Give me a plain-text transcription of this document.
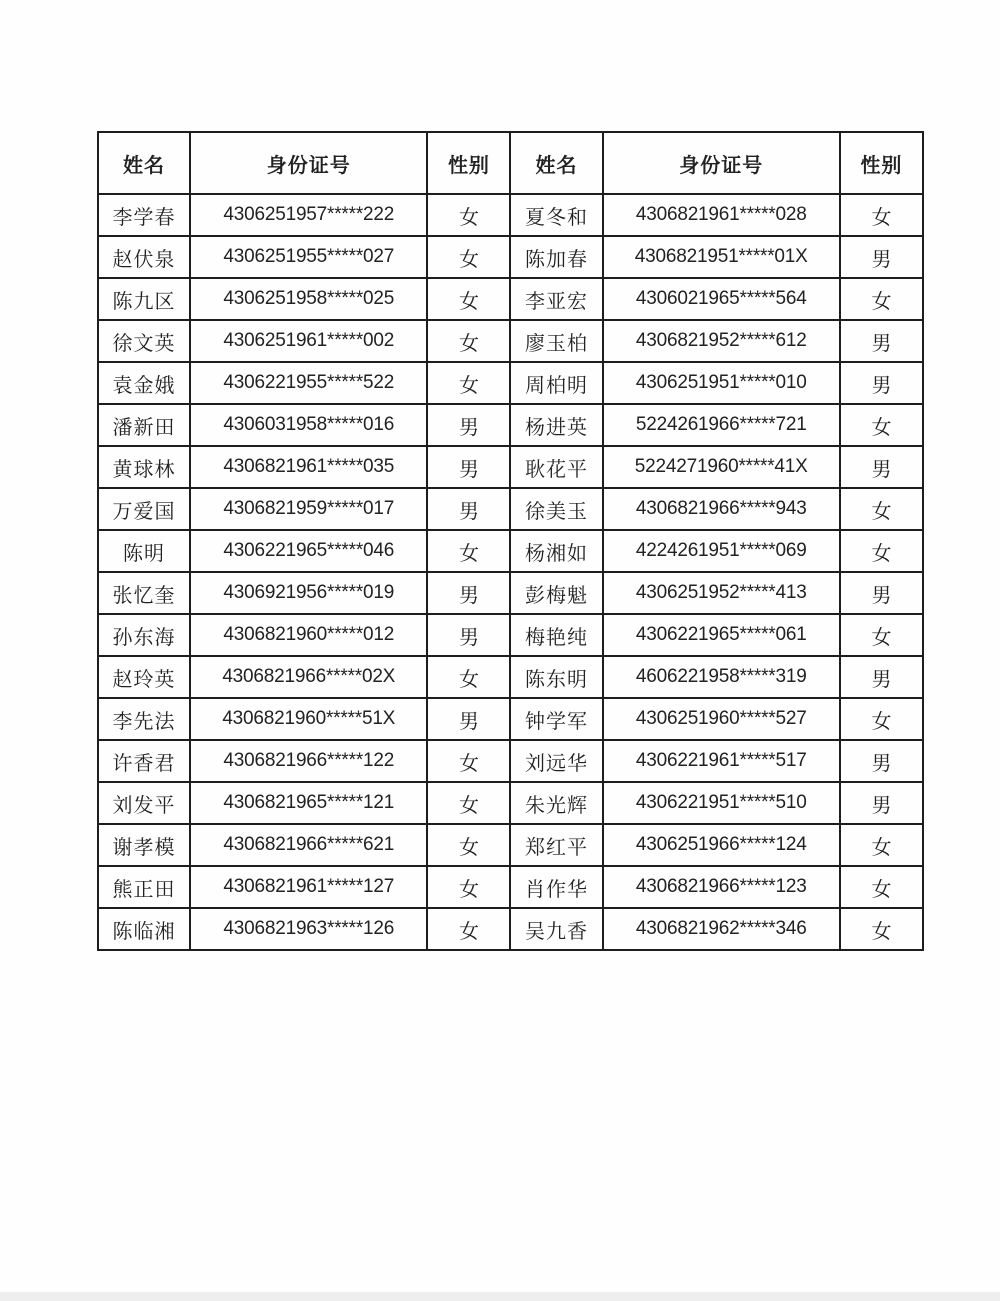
姓名	身份证号	性别	姓名	身份证号	性别
李学春	4306251957*****222	女	夏冬和	4306821961*****028	女
赵伏泉	4306251955*****027	女	陈加春	4306821951*****01X	男
陈九区	4306251958*****025	女	李亚宏	4306021965*****564	女
徐文英	4306251961*****002	女	廖玉柏	4306821952*****612	男
袁金娥	4306221955*****522	女	周柏明	4306251951*****010	男
潘新田	4306031958*****016	男	杨进英	5224261966*****721	女
黄球林	4306821961*****035	男	耿花平	5224271960*****41X	男
万爱国	4306821959*****017	男	徐美玉	4306821966*****943	女
陈明	4306221965*****046	女	杨湘如	4224261951*****069	女
张忆奎	4306921956*****019	男	彭梅魁	4306251952*****413	男
孙东海	4306821960*****012	男	梅艳纯	4306221965*****061	女
赵玲英	4306821966*****02X	女	陈东明	4606221958*****319	男
李先法	4306821960*****51X	男	钟学军	4306251960*****527	女
许香君	4306821966*****122	女	刘远华	4306221961*****517	男
刘发平	4306821965*****121	女	朱光辉	4306221951*****510	男
谢孝模	4306821966*****621	女	郑红平	4306251966*****124	女
熊正田	4306821961*****127	女	肖作华	4306821966*****123	女
陈临湘	4306821963*****126	女	吴九香	4306821962*****346	女
